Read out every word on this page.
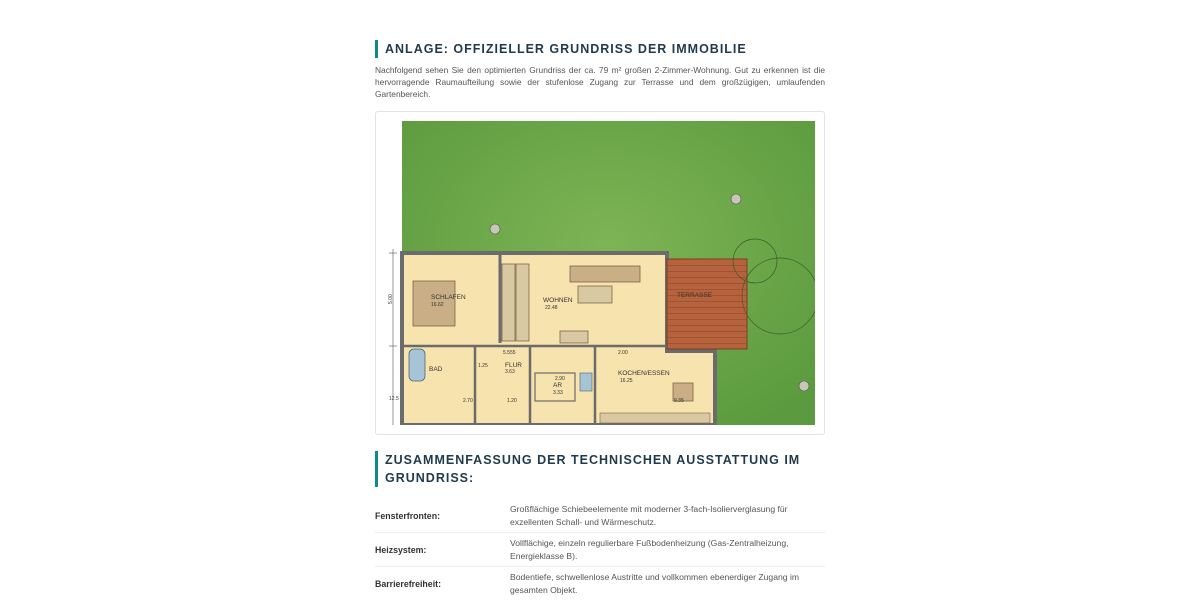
ANLAGE: OFFIZIELLER GRUNDRISS DER IMMOBILIE

Nachfolgend sehen Sie den optimierten Grundriss der ca. 79 m² großen 2-Zimmer-Wohnung. Gut zu erkennen ist die hervorragende Raumaufteilung sowie der stufenlose Zugang zur Terrasse und dem großzügigen, umlaufenden Gartenbereich.

5.00	TERRASSE
SCHLAFEN
16.62
WOHNEN
22.48
BAD
FLUR
3.63
AR
3.33
KOCHEN/ESSEN
16.25
5.555	2.00
1.25
2.90
2.70	1.20
12.5	9.35
ZUSAMMENFASSUNG DER TECHNISCHEN AUSSTATTUNG IM GRUNDRISS:
Fensterfronten:	Großflächige Schiebeelemente mit moderner 3-fach-Isolierverglasung für exzellenten Schall- und Wärmeschutz.
Heizsystem:	Vollflächige, einzeln regulierbare Fußbodenheizung (Gas-Zentralheizung, Energieklasse B).
Barrierefreiheit:	Bodentiefe, schwellenlose Austritte und vollkommen ebenerdiger Zugang im gesamten Objekt.
